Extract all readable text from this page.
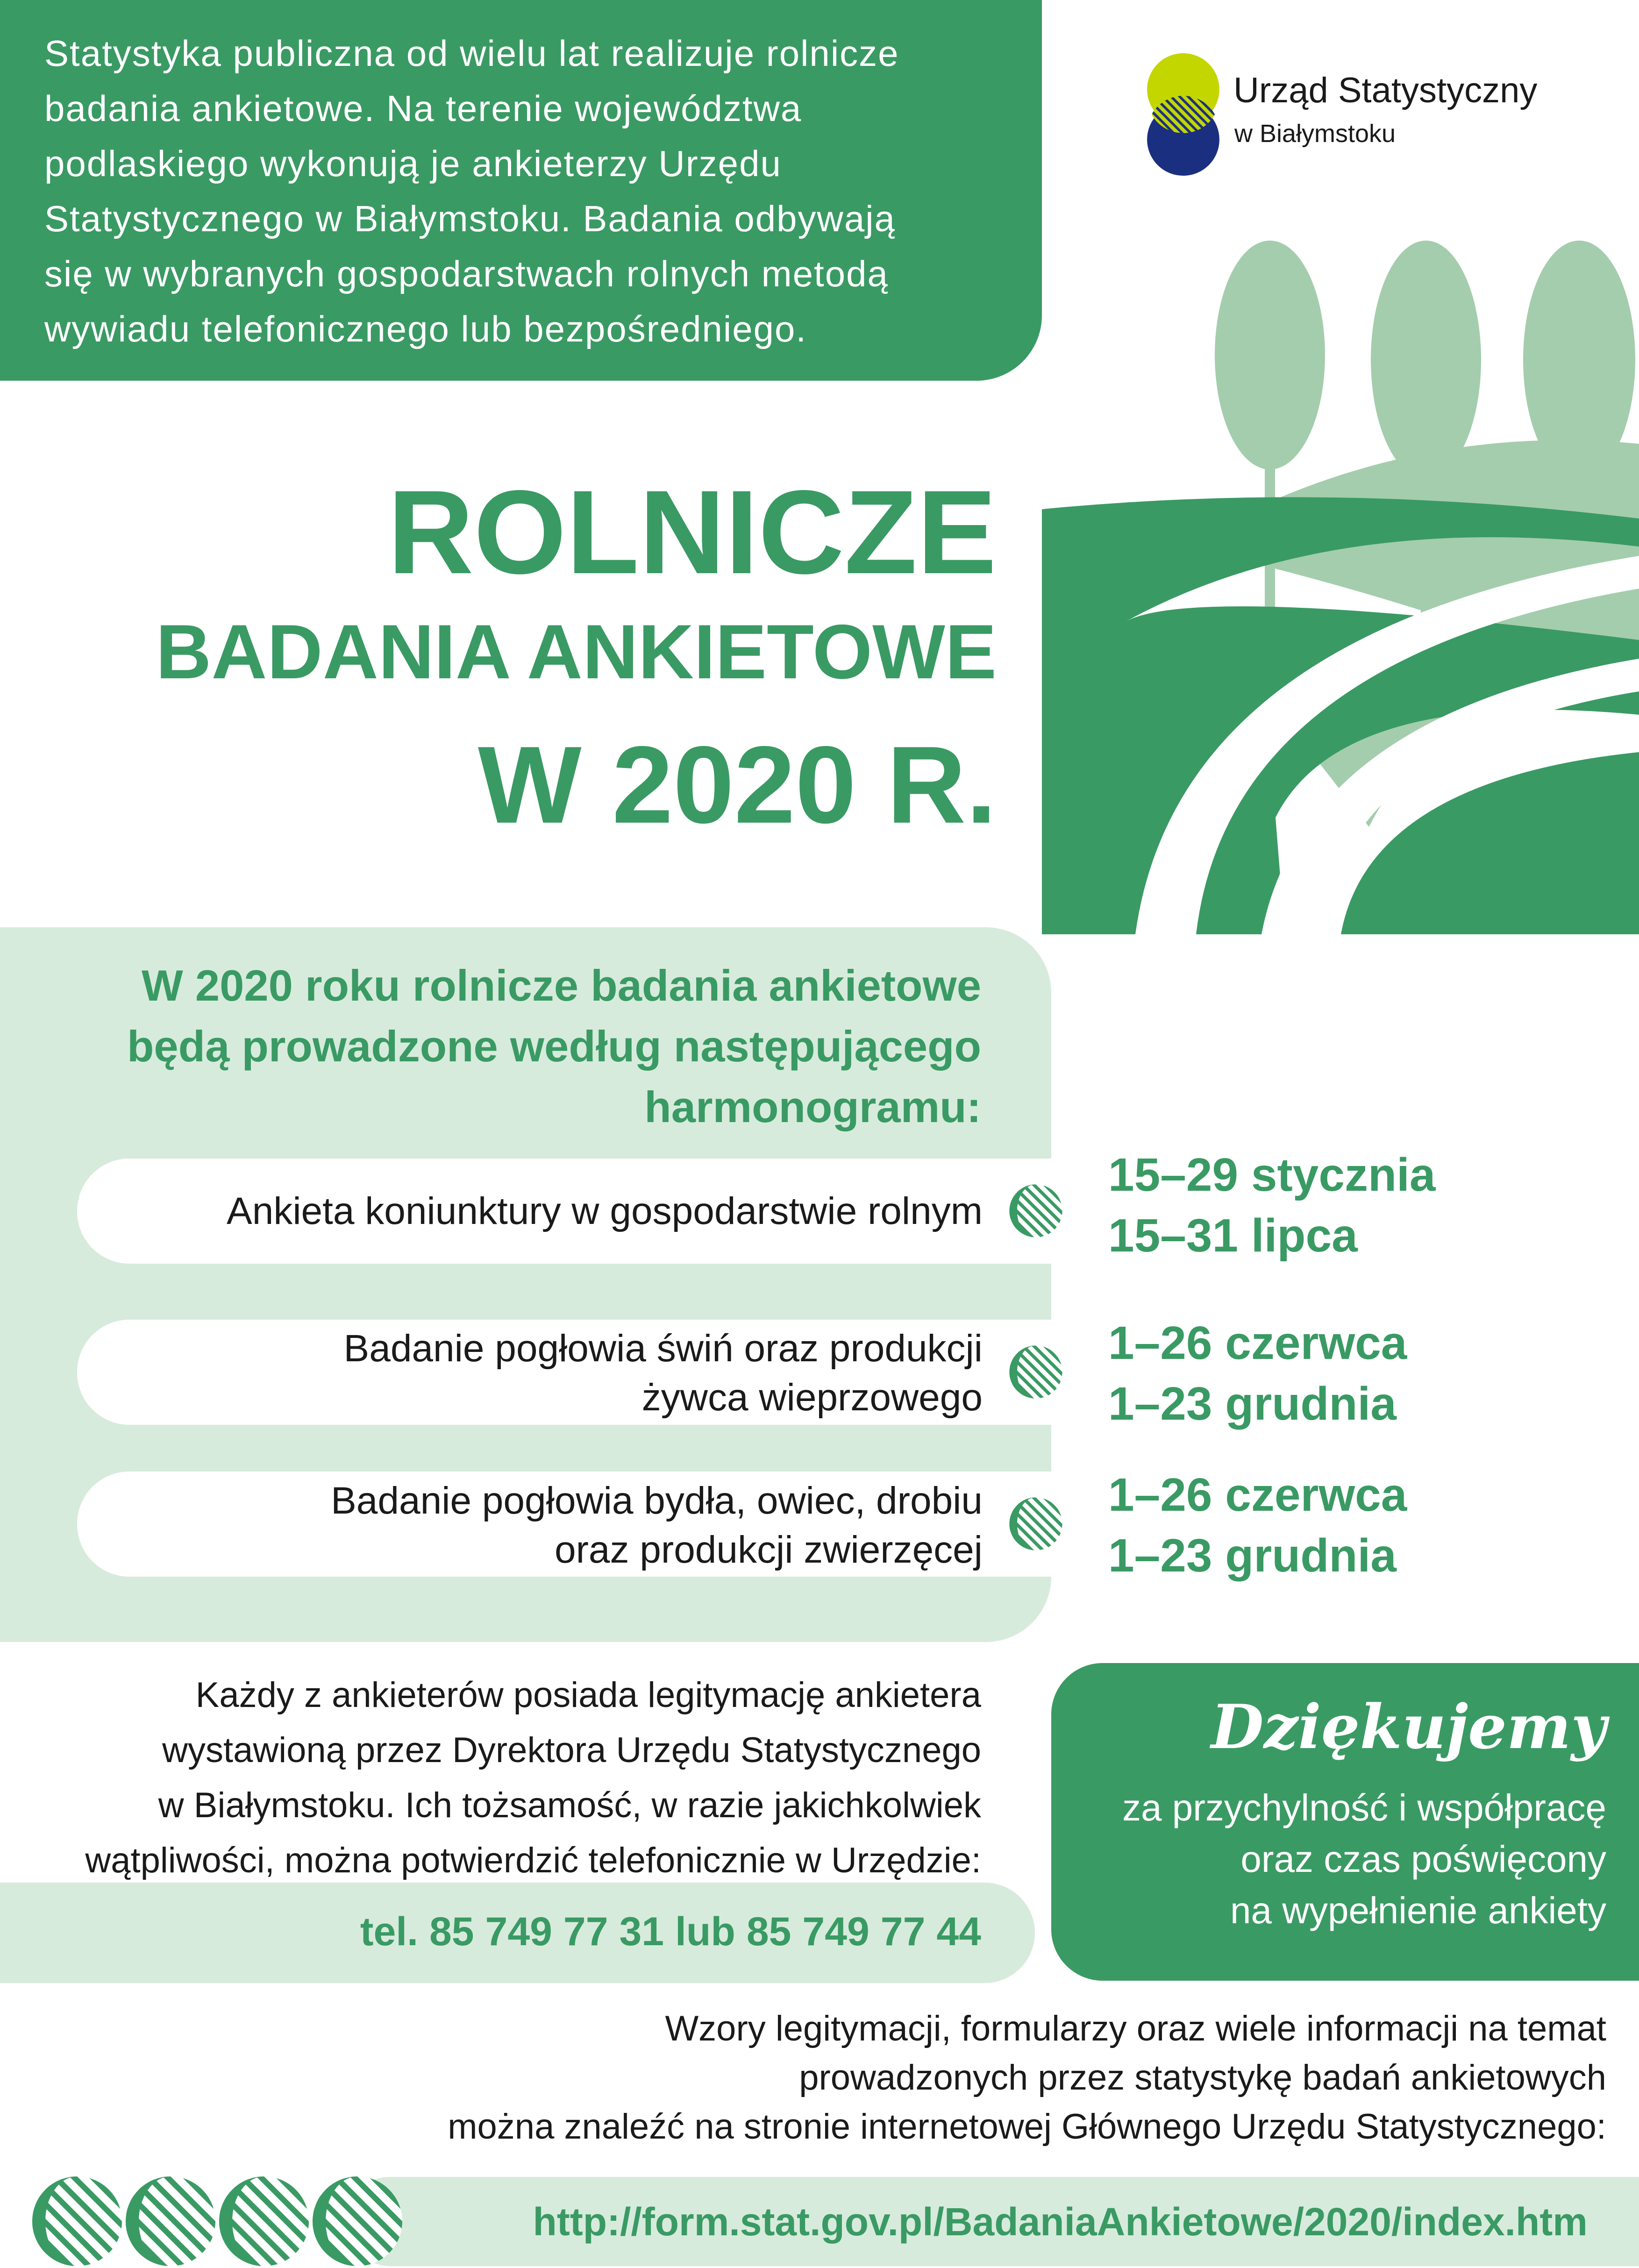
Statystyka publiczna od wielu lat realizuje rolnicze
badania ankietowe. Na terenie województwa
podlaskiego wykonują je ankieterzy Urzędu
Statystycznego w Białymstoku. Badania odbywają
się w wybranych gospodarstwach rolnych metodą
wywiadu telefonicznego lub bezpośredniego.

Urząd Statystyczny
w Białymstoku
ROLNICZE
BADANIA ANKIETOWE
W 2020 R.

W 2020 roku rolnicze badania ankietowe
będą prowadzone według następującego
harmonogramu:

Ankieta koniunktury w gospodarstwie rolnym
15–29 stycznia
15–31 lipca
Badanie pogłowia świń oraz produkcji
żywca wieprzowego
1–26 czerwca
1–23 grudnia
Badanie pogłowia bydła, owiec, drobiu
oraz produkcji zwierzęcej
1–26 czerwca
1–23 grudnia

Każdy z ankieterów posiada legitymację ankietera
wystawioną przez Dyrektora Urzędu Statystycznego
w Białymstoku. Ich tożsamość, w razie jakichkolwiek
wątpliwości, można potwierdzić telefonicznie w Urzędzie:

tel. 85 749 77 31 lub 85 749 77 44
Dziękujemy

za przychylność i współpracę
oraz czas poświęcony
na wypełnienie ankiety

Wzory legitymacji, formularzy oraz wiele informacji na temat
prowadzonych przez statystykę badań ankietowych
można znaleźć na stronie internetowej Głównego Urzędu Statystycznego:

http://form.stat.gov.pl/BadaniaAnkietowe/2020/index.htm
